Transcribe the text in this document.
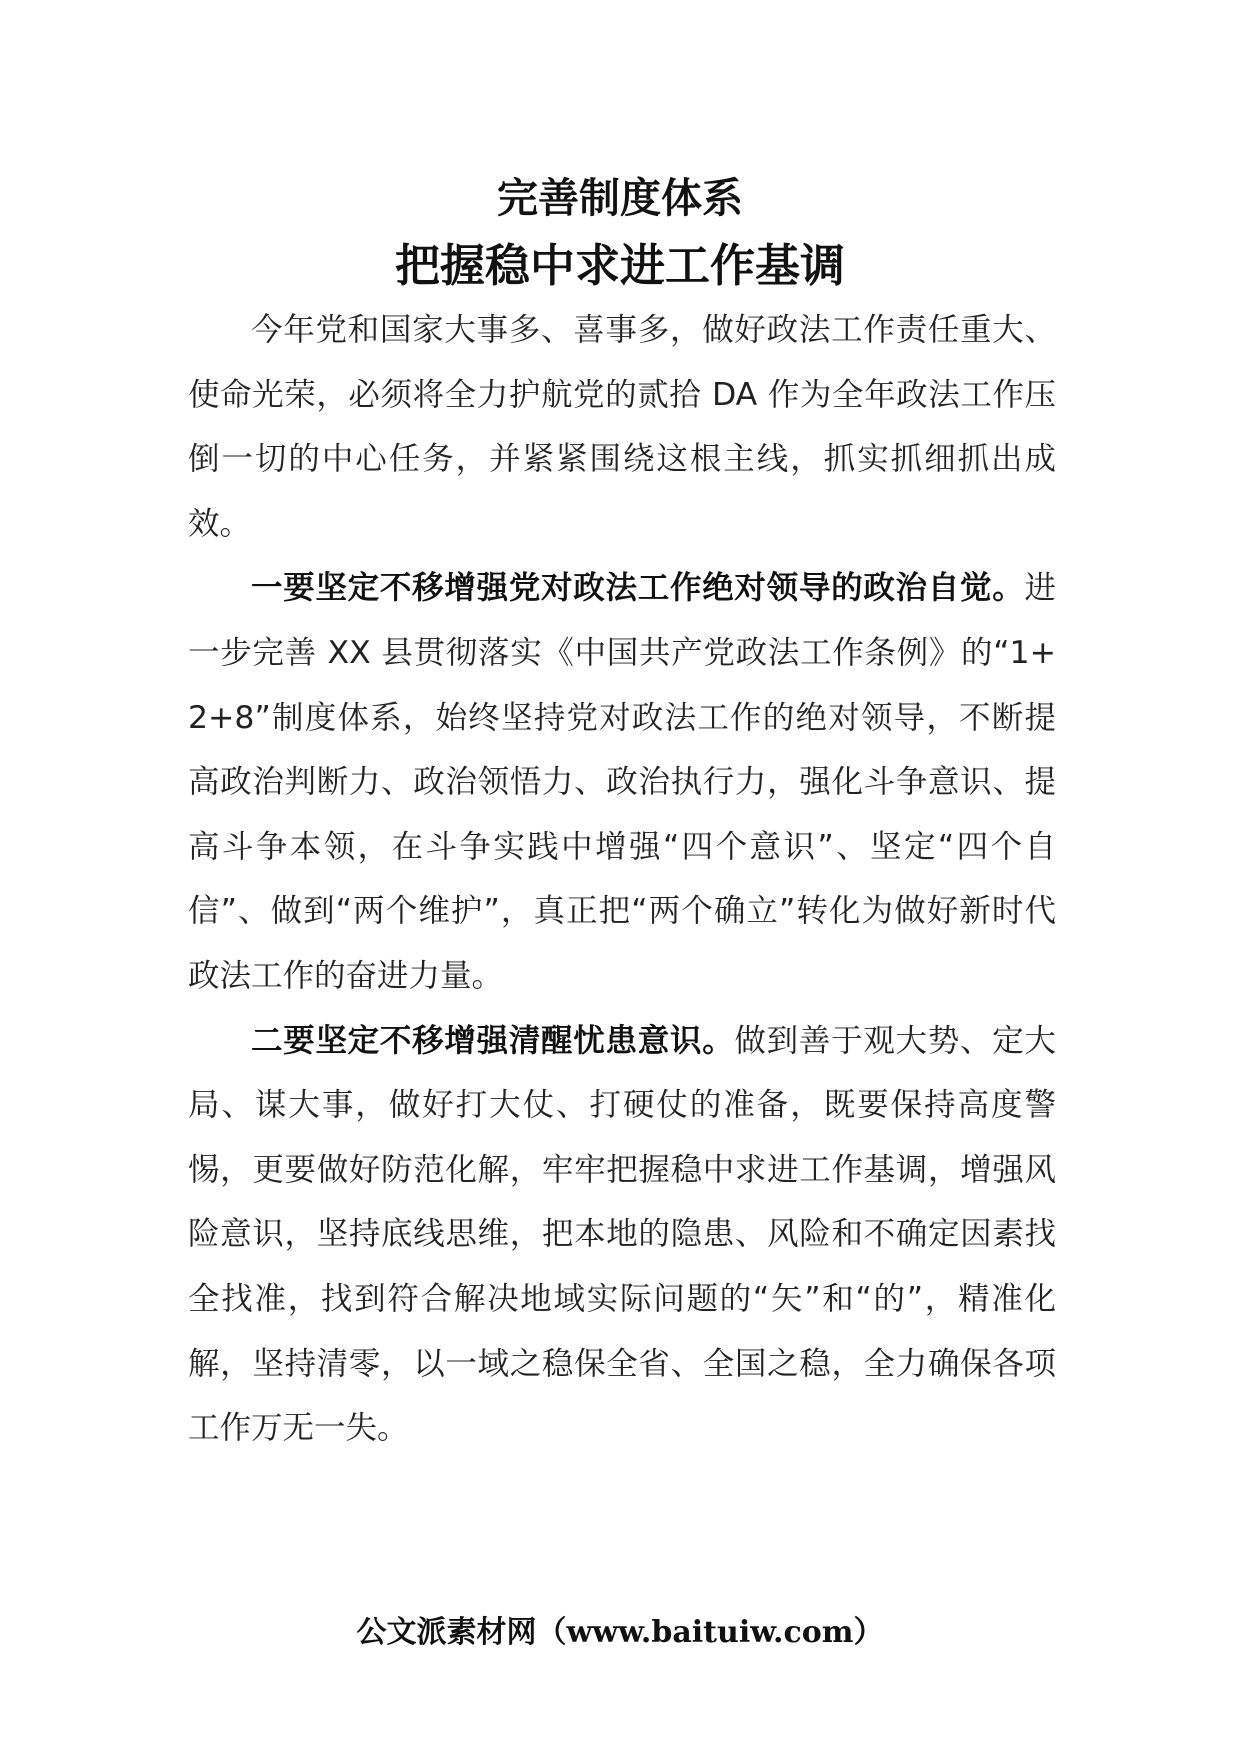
完善制度体系
把握稳中求进工作基调

今年党和国家大事多、喜事多，做好政法工作责任重大、使命光荣，必须将全力护航党的贰拾 DA 作为全年政法工作压倒一切的中心任务，并紧紧围绕这根主线，抓实抓细抓出成效。

一要坚定不移增强党对政法工作绝对领导的政治自觉。进一步完善 XX 县贯彻落实《中国共产党政法工作条例》的“1+2+8”制度体系，始终坚持党对政法工作的绝对领导，不断提高政治判断力、政治领悟力、政治执行力，强化斗争意识、提高斗争本领，在斗争实践中增强“四个意识”、坚定“四个自信”、做到“两个维护”，真正把“两个确立”转化为做好新时代政法工作的奋进力量。

二要坚定不移增强清醒忧患意识。做到善于观大势、定大局、谋大事，做好打大仗、打硬仗的准备，既要保持高度警惕，更要做好防范化解，牢牢把握稳中求进工作基调，增强风险意识，坚持底线思维，把本地的隐患、风险和不确定因素找全找准，找到符合解决地域实际问题的“矢”和“的”，精准化解，坚持清零，以一域之稳保全省、全国之稳，全力确保各项工作万无一失。

公文派素材网（www.baituiw.com）
